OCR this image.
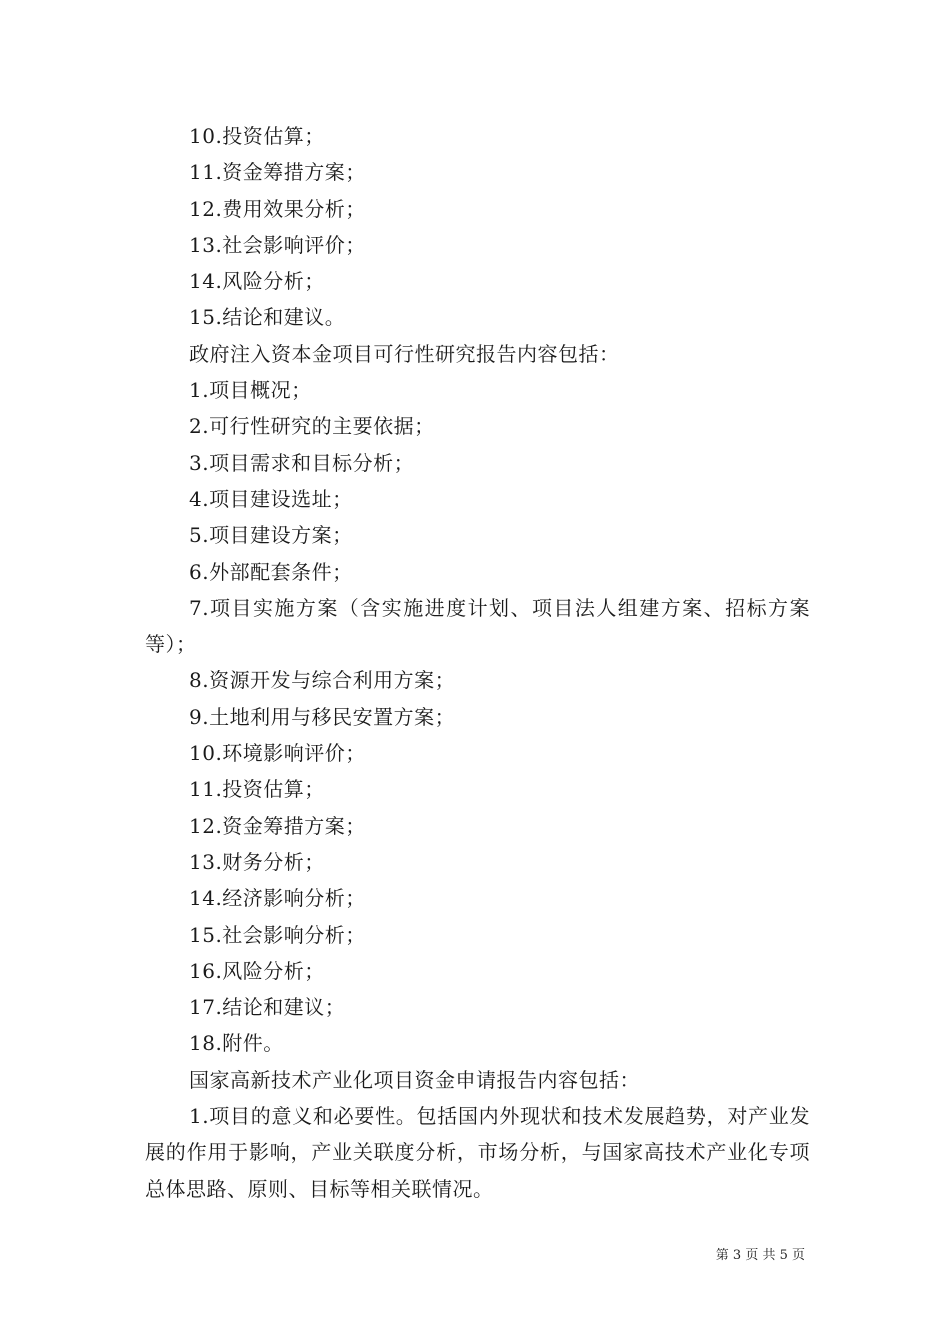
10.投资估算；
11.资金筹措方案；
12.费用效果分析；
13.社会影响评价；
14.风险分析；
15.结论和建议。
政府注入资本金项目可行性研究报告内容包括：
1.项目概况；
2.可行性研究的主要依据；
3.项目需求和目标分析；
4.项目建设选址；
5.项目建设方案；
6.外部配套条件；
7.项目实施方案（含实施进度计划、项目法人组建方案、招标方案等）；
8.资源开发与综合利用方案；
9.土地利用与移民安置方案；
10.环境影响评价；
11.投资估算；
12.资金筹措方案；
13.财务分析；
14.经济影响分析；
15.社会影响分析；
16.风险分析；
17.结论和建议；
18.附件。
国家高新技术产业化项目资金申请报告内容包括：
1.项目的意义和必要性。包括国内外现状和技术发展趋势，对产业发展的作用于影响，产业关联度分析，市场分析，与国家高技术产业化专项总体思路、原则、目标等相关联情况。
第 3 页 共 5 页
